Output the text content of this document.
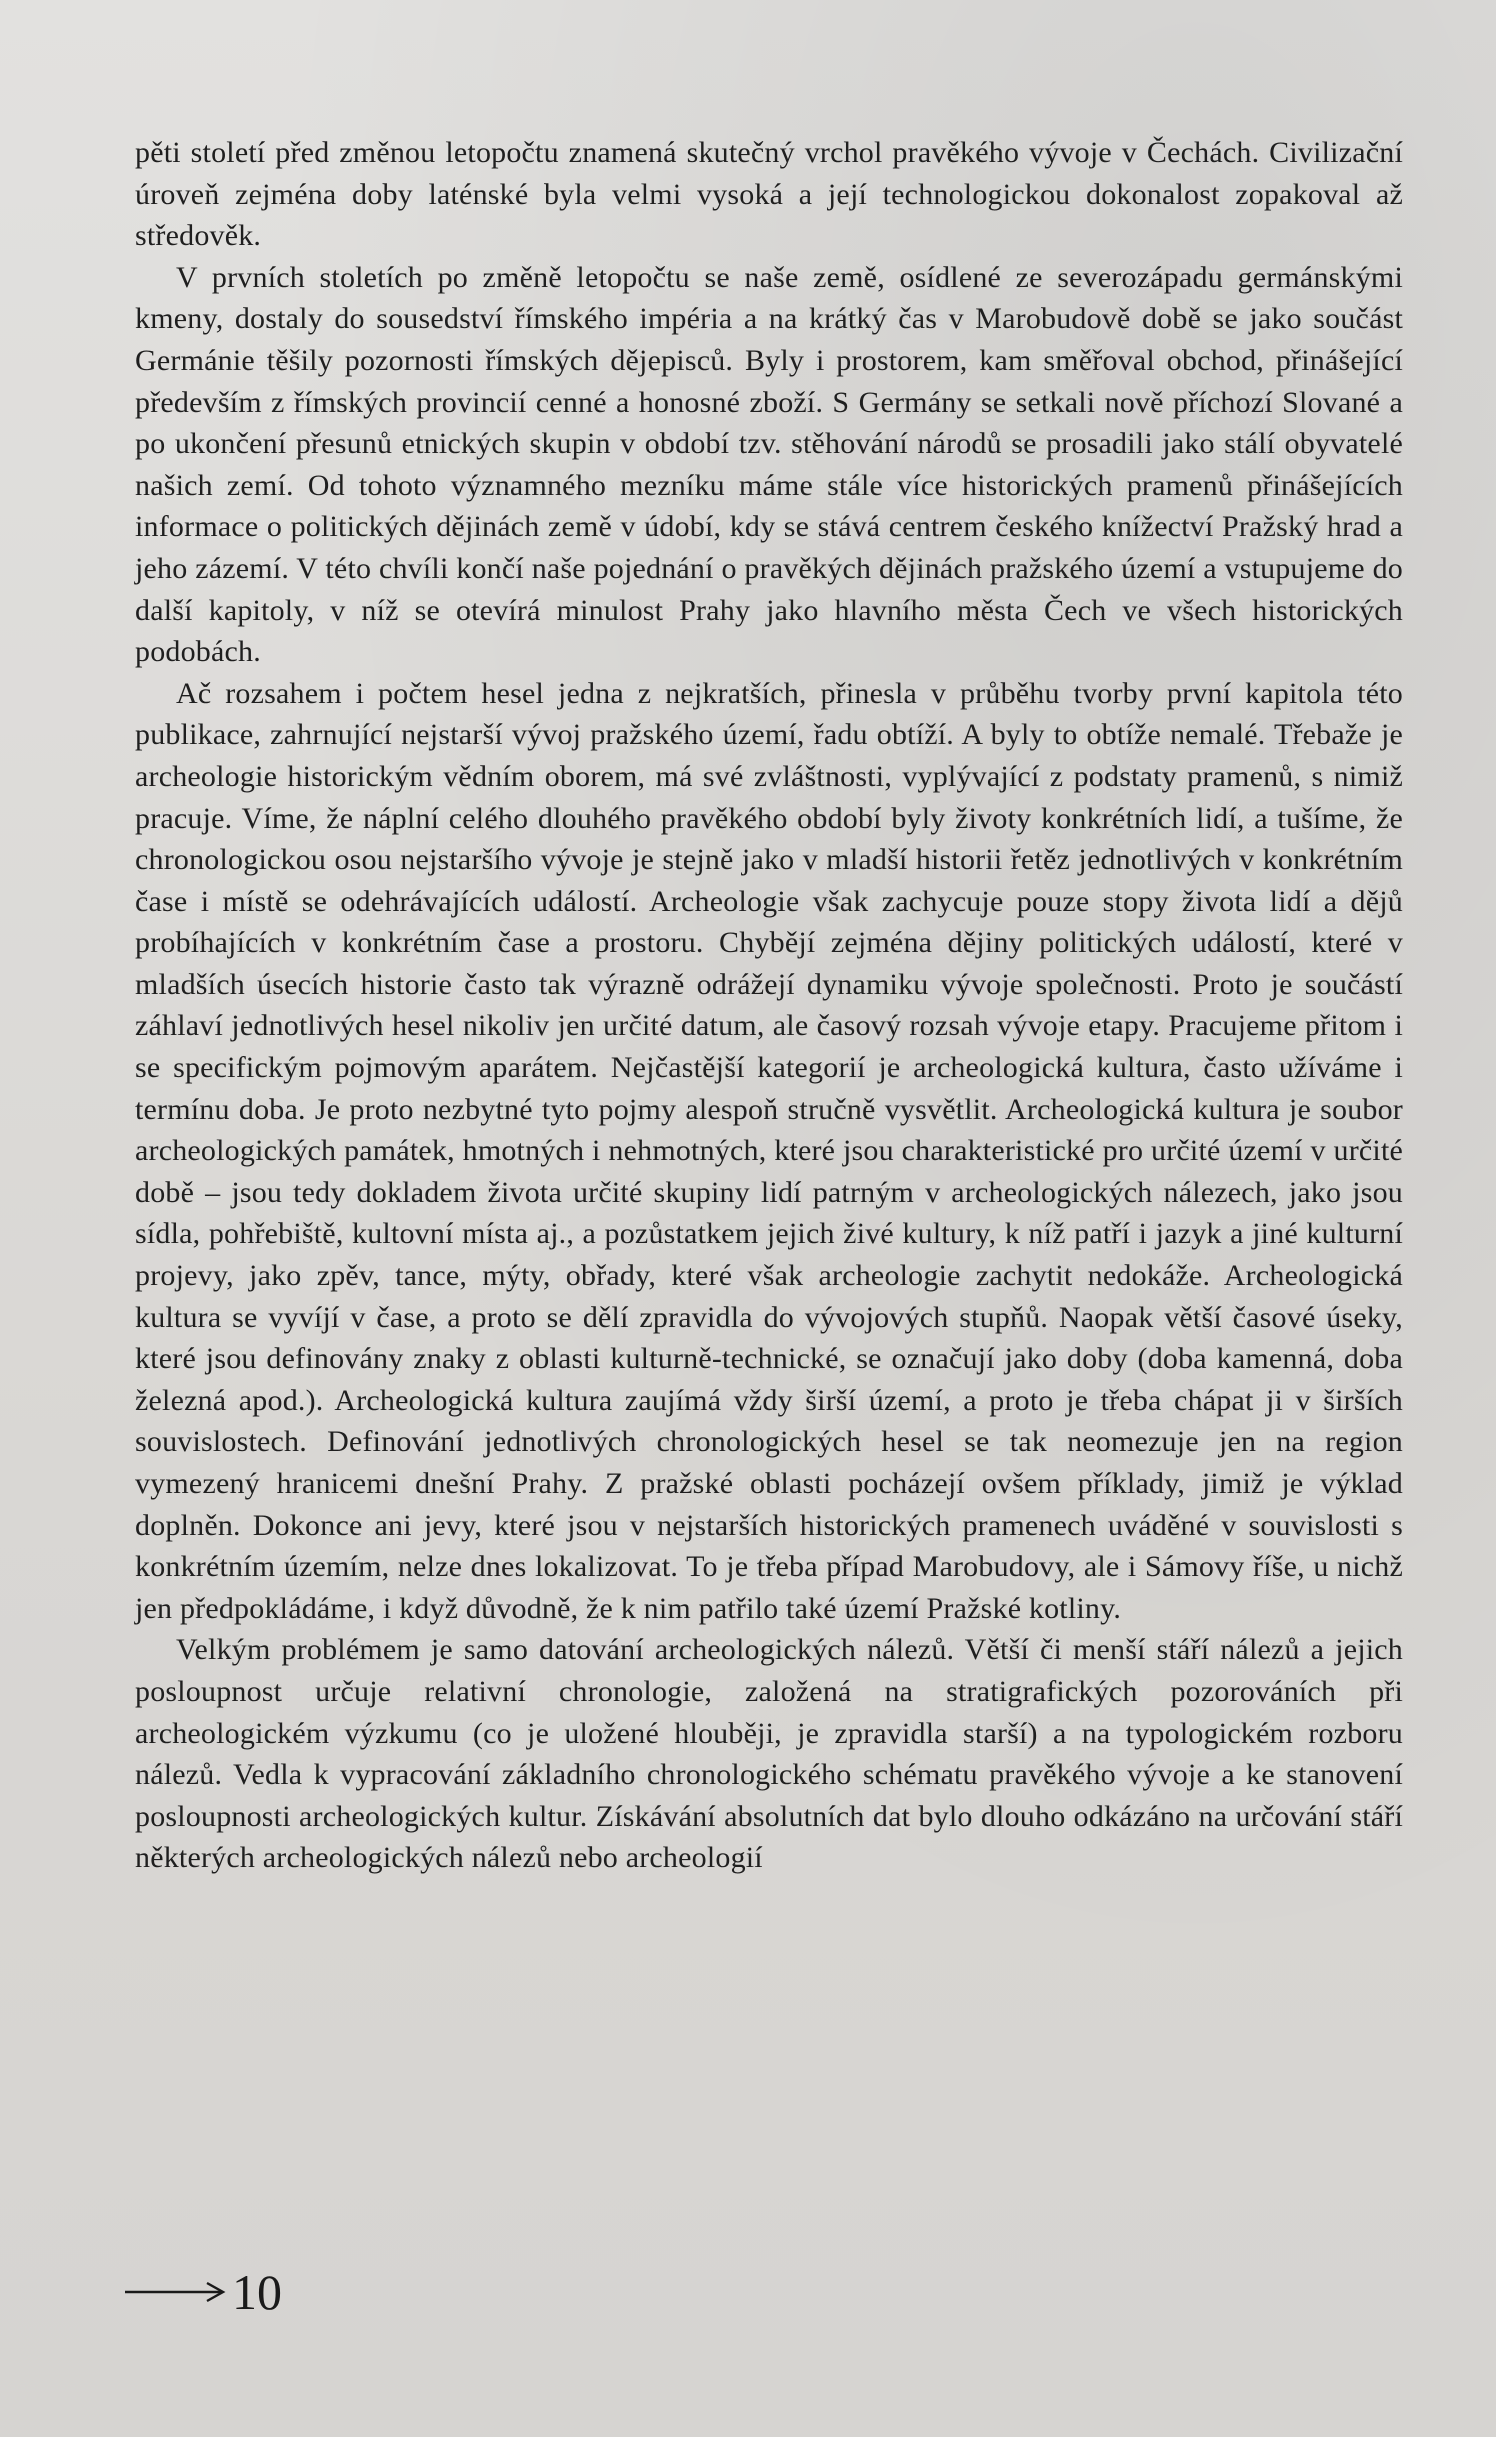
pěti století před změnou letopočtu znamená skutečný vrchol pravěkého vývoje v Čechách. Civilizační úroveň zejména doby laténské byla velmi vysoká a její technologickou dokonalost zopakoval až středověk.

V prvních stoletích po změně letopočtu se naše země, osídlené ze severozápadu germánskými kmeny, dostaly do sousedství římského impéria a na krátký čas v Marobudově době se jako součást Germánie těšily pozornosti římských dějepisců. Byly i prostorem, kam směřoval obchod, přinášející především z římských provincií cenné a honosné zboží. S Germány se setkali nově příchozí Slované a po ukončení přesunů etnických skupin v období tzv. stěhování národů se prosadili jako stálí obyvatelé našich zemí. Od tohoto významného mezníku máme stále více historických pramenů přinášejících informace o politických dějinách země v údobí, kdy se stává centrem českého knížectví Pražský hrad a jeho zázemí. V této chvíli končí naše pojednání o pravěkých dějinách pražského území a vstupujeme do další kapitoly, v níž se otevírá minulost Prahy jako hlavního města Čech ve všech historických podobách.

Ač rozsahem i počtem hesel jedna z nejkratších, přinesla v průběhu tvorby první kapitola této publikace, zahrnující nejstarší vývoj pražského území, řadu obtíží. A byly to obtíže nemalé. Třebaže je archeologie historickým vědním oborem, má své zvláštnosti, vyplývající z podstaty pramenů, s nimiž pracuje. Víme, že náplní celého dlouhého pravěkého období byly životy konkrétních lidí, a tušíme, že chronologickou osou nejstaršího vývoje je stejně jako v mladší historii řetěz jednotlivých v konkrétním čase i místě se odehrávajících událostí. Archeologie však zachycuje pouze stopy života lidí a dějů probíhajících v konkrétním čase a prostoru. Chybějí zejména dějiny politických událostí, které v mladších úsecích historie často tak výrazně odrážejí dynamiku vývoje společnosti. Proto je součástí záhlaví jednotlivých hesel nikoliv jen určité datum, ale časový rozsah vývoje etapy. Pracujeme přitom i se specifickým pojmovým aparátem. Nejčastější kategorií je archeologická kultura, často užíváme i termínu doba. Je proto nezbytné tyto pojmy alespoň stručně vysvětlit. Archeologická kultura je soubor archeologických památek, hmotných i nehmotných, které jsou charakteristické pro určité území v určité době – jsou tedy dokladem života určité skupiny lidí patrným v archeologických nálezech, jako jsou sídla, pohřebiště, kultovní místa aj., a pozůstatkem jejich živé kultury, k níž patří i jazyk a jiné kulturní projevy, jako zpěv, tance, mýty, obřady, které však archeologie zachytit nedokáže. Archeologická kultura se vyvíjí v čase, a proto se dělí zpravidla do vývojových stupňů. Naopak větší časové úseky, které jsou definovány znaky z oblasti kulturně-technické, se označují jako doby (doba kamenná, doba železná apod.). Archeologická kultura zaujímá vždy širší území, a proto je třeba chápat ji v širších souvislostech. Definování jednotlivých chronologických hesel se tak neomezuje jen na region vymezený hranicemi dnešní Prahy. Z pražské oblasti pocházejí ovšem příklady, jimiž je výklad doplněn. Dokonce ani jevy, které jsou v nejstarších historických pramenech uváděné v souvislosti s konkrétním územím, nelze dnes lokalizovat. To je třeba případ Marobudovy, ale i Sámovy říše, u nichž jen předpokládáme, i když důvodně, že k nim patřilo také území Pražské kotliny.

Velkým problémem je samo datování archeologických nálezů. Větší či menší stáří nálezů a jejich posloupnost určuje relativní chronologie, založená na stratigrafických pozorováních při archeologickém výzkumu (co je uložené hlouběji, je zpravidla starší) a na typologickém rozboru nálezů. Vedla k vypracování základního chronologického schématu pravěkého vývoje a ke stanovení posloupnosti archeologických kultur. Získávání absolutních dat bylo dlouho odkázáno na určování stáří některých archeologických nálezů nebo archeologií

10
